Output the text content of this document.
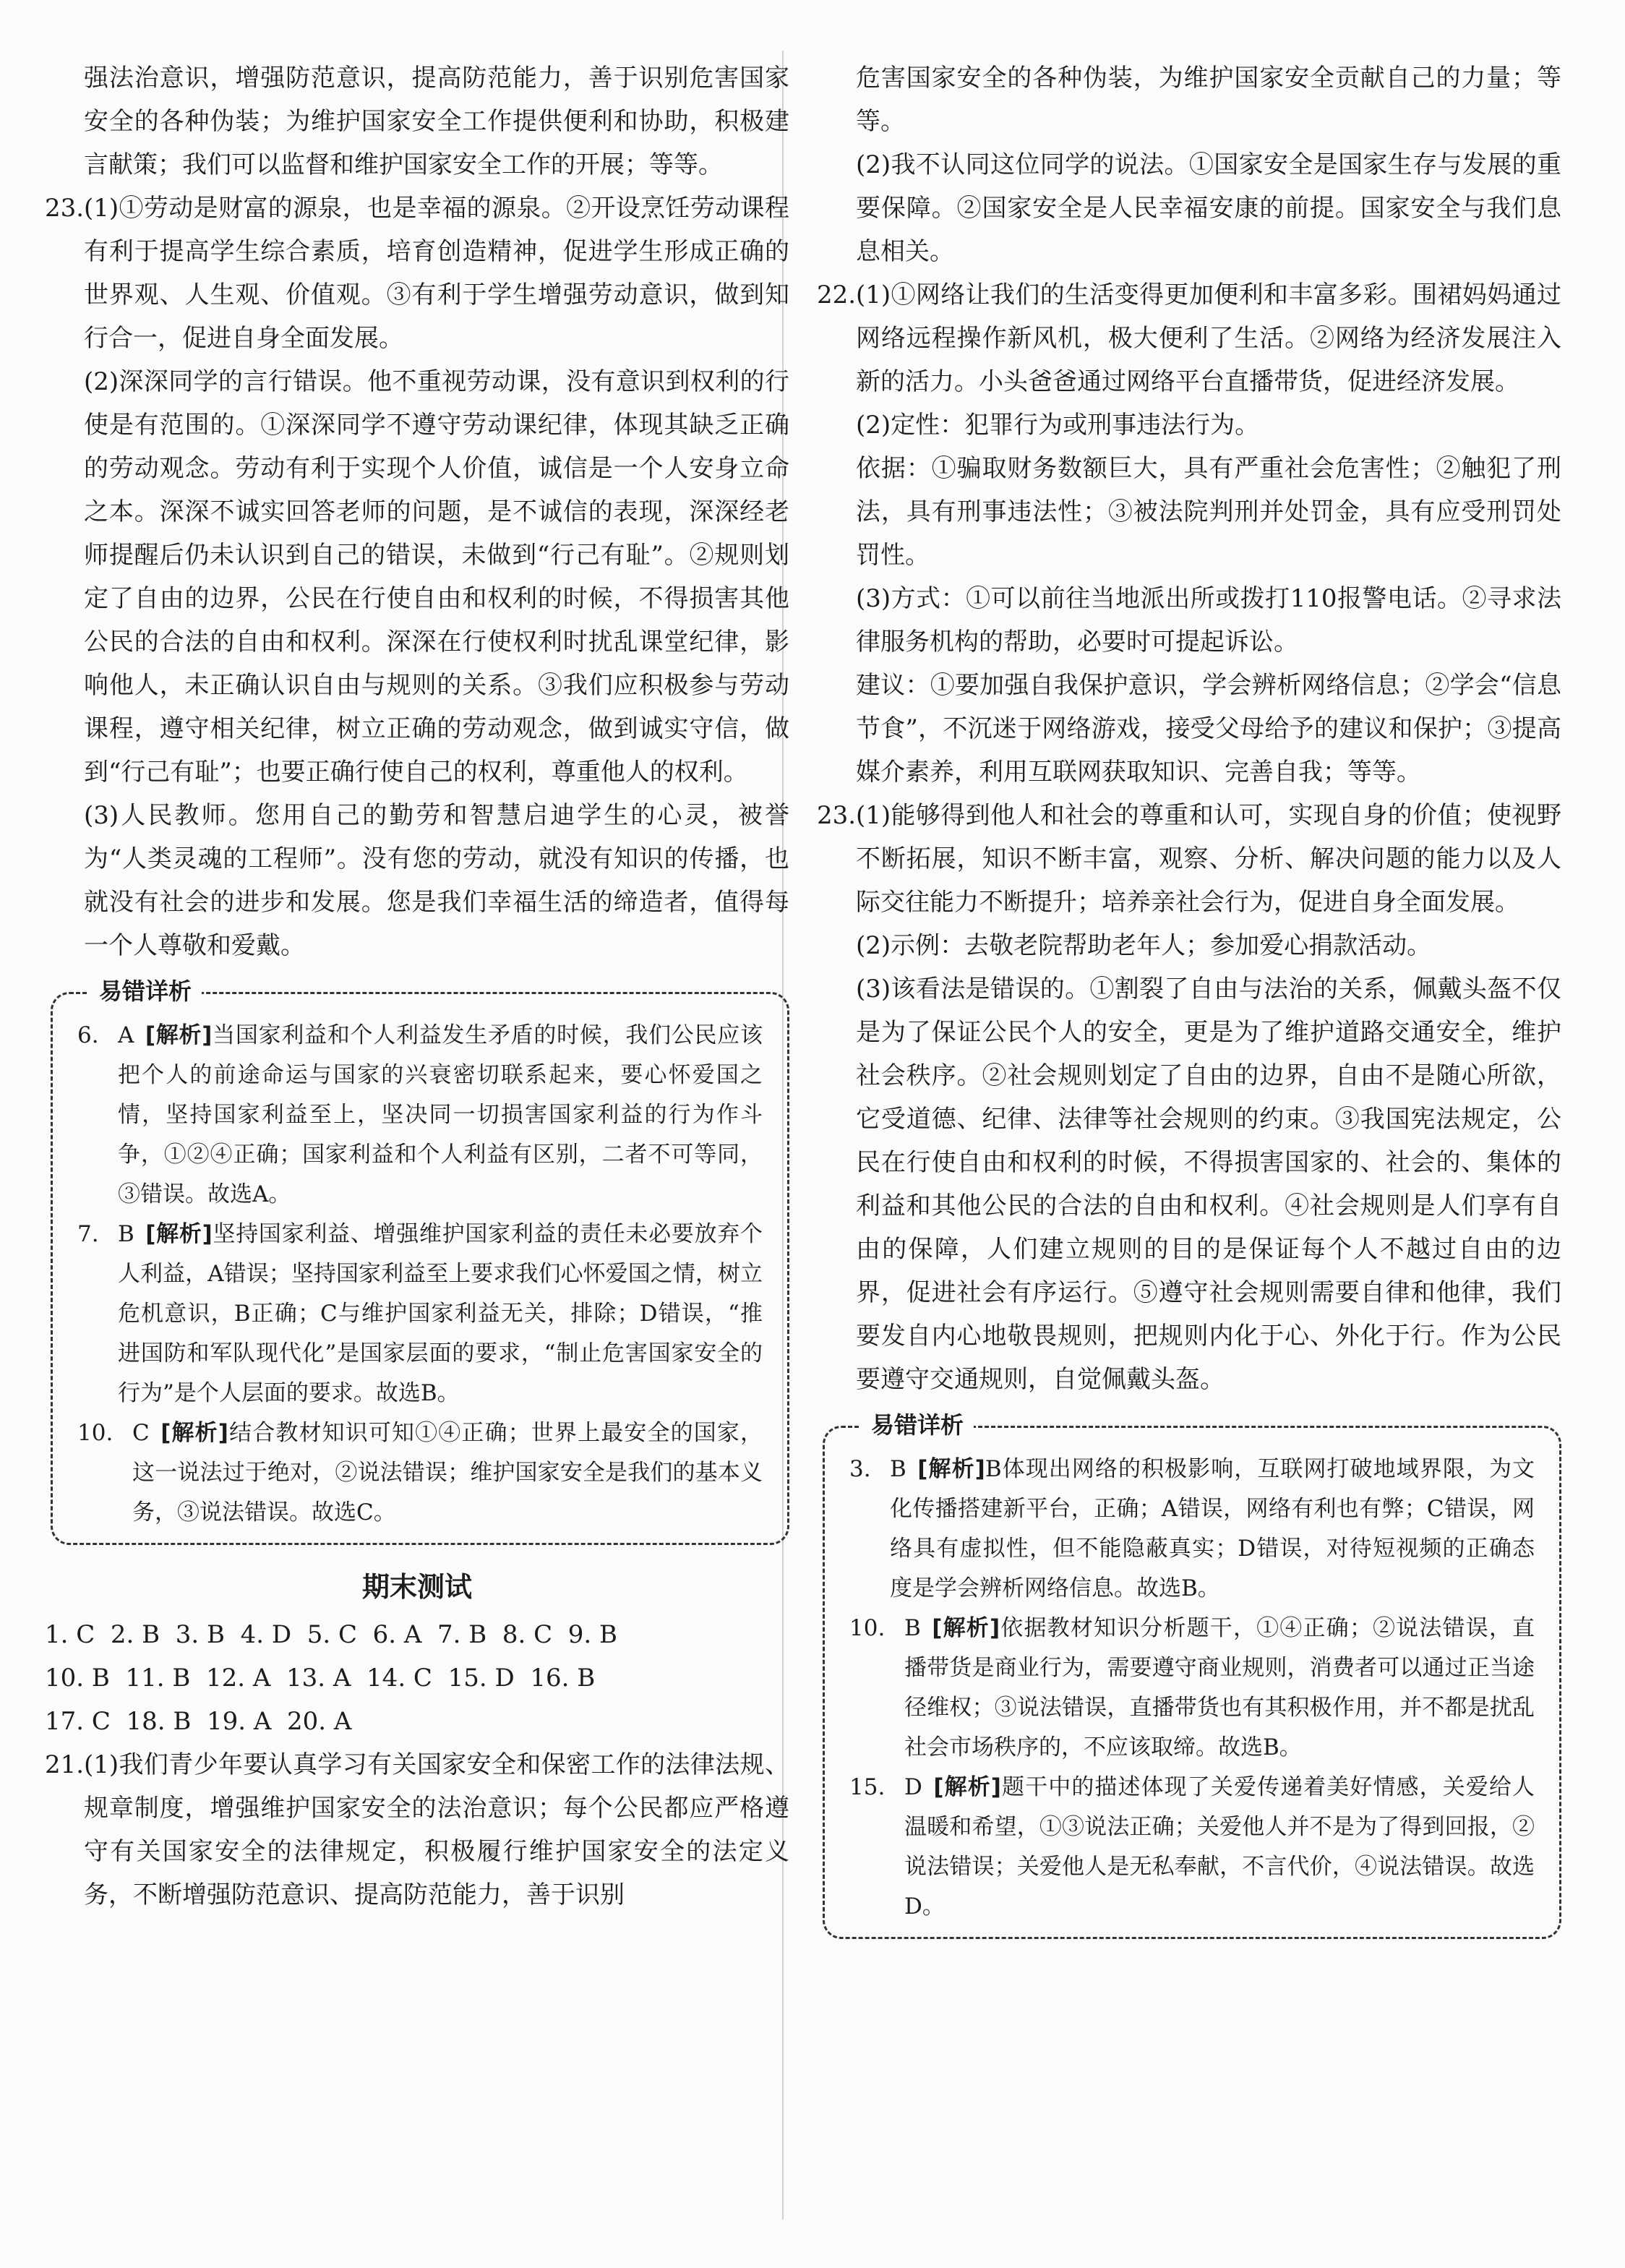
强法治意识，增强防范意识，提高防范能力，善于识别危害国家安全的各种伪装；为维护国家安全工作提供便利和协助，积极建言献策；我们可以监督和维护国家安全工作的开展；等等。

23. (1)①劳动是财富的源泉，也是幸福的源泉。②开设烹饪劳动课程有利于提高学生综合素质，培育创造精神，促进学生形成正确的世界观、人生观、价值观。③有利于学生增强劳动意识，做到知行合一，促进自身全面发展。

(2)深深同学的言行错误。他不重视劳动课，没有意识到权利的行使是有范围的。①深深同学不遵守劳动课纪律，体现其缺乏正确的劳动观念。劳动有利于实现个人价值，诚信是一个人安身立命之本。深深不诚实回答老师的问题，是不诚信的表现，深深经老师提醒后仍未认识到自己的错误，未做到“行己有耻”。②规则划定了自由的边界，公民在行使自由和权利的时候，不得损害其他公民的合法的自由和权利。深深在行使权利时扰乱课堂纪律，影响他人，未正确认识自由与规则的关系。③我们应积极参与劳动课程，遵守相关纪律，树立正确的劳动观念，做到诚实守信，做到“行己有耻”；也要正确行使自己的权利，尊重他人的权利。

(3)人民教师。您用自己的勤劳和智慧启迪学生的心灵，被誉为“人类灵魂的工程师”。没有您的劳动，就没有知识的传播，也就没有社会的进步和发展。您是我们幸福生活的缔造者，值得每一个人尊敬和爱戴。

易错详析
6. A  [解析]当国家利益和个人利益发生矛盾的时候，我们公民应该把个人的前途命运与国家的兴衰密切联系起来，要心怀爱国之情，坚持国家利益至上，坚决同一切损害国家利益的行为作斗争，①②④正确；国家利益和个人利益有区别，二者不可等同，③错误。故选A。

7. B  [解析]坚持国家利益、增强维护国家利益的责任未必要放弃个人利益，A错误；坚持国家利益至上要求我们心怀爱国之情，树立危机意识，B正确；C与维护国家利益无关，排除；D错误，“推进国防和军队现代化”是国家层面的要求，“制止危害国家安全的行为”是个人层面的要求。故选B。

10. C  [解析]结合教材知识可知①④正确；世界上最安全的国家，这一说法过于绝对，②说法错误；维护国家安全是我们的基本义务，③说法错误。故选C。

期末测试
1. C  2. B  3. B  4. D  5. C  6. A  7. B  8. C  9. B
10. B  11. B  12. A  13. A  14. C  15. D  16. B
17. C  18. B  19. A  20. A
21. (1)我们青少年要认真学习有关国家安全和保密工作的法律法规、规章制度，增强维护国家安全的法治意识；每个公民都应严格遵守有关国家安全的法律规定，积极履行维护国家安全的法定义务，不断增强防范意识、提高防范能力，善于识别

危害国家安全的各种伪装，为维护国家安全贡献自己的力量；等等。

(2)我不认同这位同学的说法。①国家安全是国家生存与发展的重要保障。②国家安全是人民幸福安康的前提。国家安全与我们息息相关。

22. (1)①网络让我们的生活变得更加便利和丰富多彩。围裙妈妈通过网络远程操作新风机，极大便利了生活。②网络为经济发展注入新的活力。小头爸爸通过网络平台直播带货，促进经济发展。

(2)定性：犯罪行为或刑事违法行为。

依据：①骗取财务数额巨大，具有严重社会危害性；②触犯了刑法，具有刑事违法性；③被法院判刑并处罚金，具有应受刑罚处罚性。

(3)方式：①可以前往当地派出所或拨打110报警电话。②寻求法律服务机构的帮助，必要时可提起诉讼。

建议：①要加强自我保护意识，学会辨析网络信息；②学会“信息节食”，不沉迷于网络游戏，接受父母给予的建议和保护；③提高媒介素养，利用互联网获取知识、完善自我；等等。

23. (1)能够得到他人和社会的尊重和认可，实现自身的价值；使视野不断拓展，知识不断丰富，观察、分析、解决问题的能力以及人际交往能力不断提升；培养亲社会行为，促进自身全面发展。

(2)示例：去敬老院帮助老年人；参加爱心捐款活动。

(3)该看法是错误的。①割裂了自由与法治的关系，佩戴头盔不仅是为了保证公民个人的安全，更是为了维护道路交通安全，维护社会秩序。②社会规则划定了自由的边界，自由不是随心所欲，它受道德、纪律、法律等社会规则的约束。③我国宪法规定，公民在行使自由和权利的时候，不得损害国家的、社会的、集体的利益和其他公民的合法的自由和权利。④社会规则是人们享有自由的保障，人们建立规则的目的是保证每个人不越过自由的边界，促进社会有序运行。⑤遵守社会规则需要自律和他律，我们要发自内心地敬畏规则，把规则内化于心、外化于行。作为公民要遵守交通规则，自觉佩戴头盔。

易错详析
3. B  [解析]B体现出网络的积极影响，互联网打破地域界限，为文化传播搭建新平台，正确；A错误，网络有利也有弊；C错误，网络具有虚拟性，但不能隐蔽真实；D错误，对待短视频的正确态度是学会辨析网络信息。故选B。

10. B  [解析]依据教材知识分析题干，①④正确；②说法错误，直播带货是商业行为，需要遵守商业规则，消费者可以通过正当途径维权；③说法错误，直播带货也有其积极作用，并不都是扰乱社会市场秩序的，不应该取缔。故选B。

15. D  [解析]题干中的描述体现了关爱传递着美好情感，关爱给人温暖和希望，①③说法正确；关爱他人并不是为了得到回报，②说法错误；关爱他人是无私奉献，不言代价，④说法错误。故选D。
